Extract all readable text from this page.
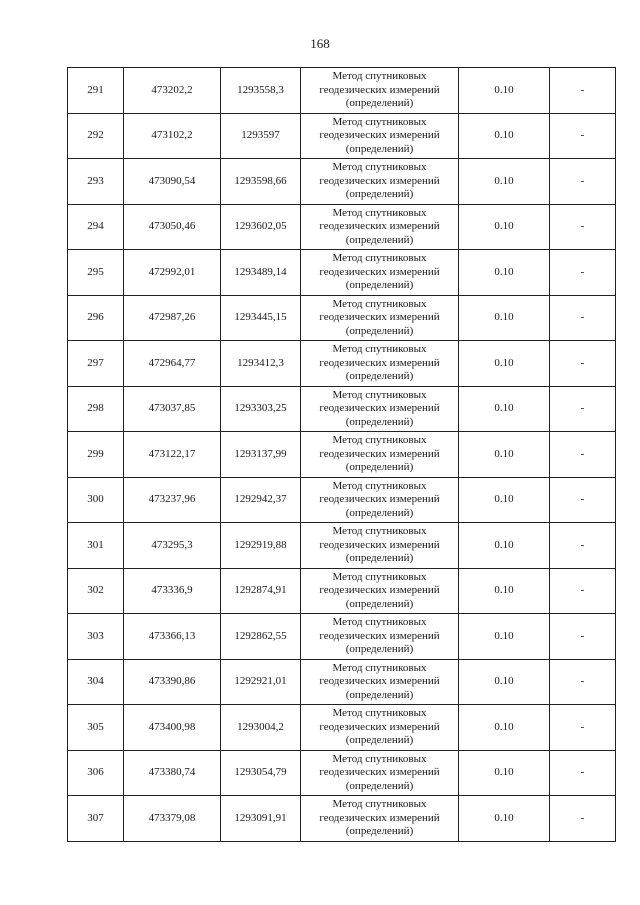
168
291	473202,2	1293558,3	Метод спутниковых геодезических измерений (определений)	0.10	-
292	473102,2	1293597	Метод спутниковых геодезических измерений (определений)	0.10	-
293	473090,54	1293598,66	Метод спутниковых геодезических измерений (определений)	0.10	-
294	473050,46	1293602,05	Метод спутниковых геодезических измерений (определений)	0.10	-
295	472992,01	1293489,14	Метод спутниковых геодезических измерений (определений)	0.10	-
296	472987,26	1293445,15	Метод спутниковых геодезических измерений (определений)	0.10	-
297	472964,77	1293412,3	Метод спутниковых геодезических измерений (определений)	0.10	-
298	473037,85	1293303,25	Метод спутниковых геодезических измерений (определений)	0.10	-
299	473122,17	1293137,99	Метод спутниковых геодезических измерений (определений)	0.10	-
300	473237,96	1292942,37	Метод спутниковых геодезических измерений (определений)	0.10	-
301	473295,3	1292919,88	Метод спутниковых геодезических измерений (определений)	0.10	-
302	473336,9	1292874,91	Метод спутниковых геодезических измерений (определений)	0.10	-
303	473366,13	1292862,55	Метод спутниковых геодезических измерений (определений)	0.10	-
304	473390,86	1292921,01	Метод спутниковых геодезических измерений (определений)	0.10	-
305	473400,98	1293004,2	Метод спутниковых геодезических измерений (определений)	0.10	-
306	473380,74	1293054,79	Метод спутниковых геодезических измерений (определений)	0.10	-
307	473379,08	1293091,91	Метод спутниковых геодезических измерений (определений)	0.10	-
